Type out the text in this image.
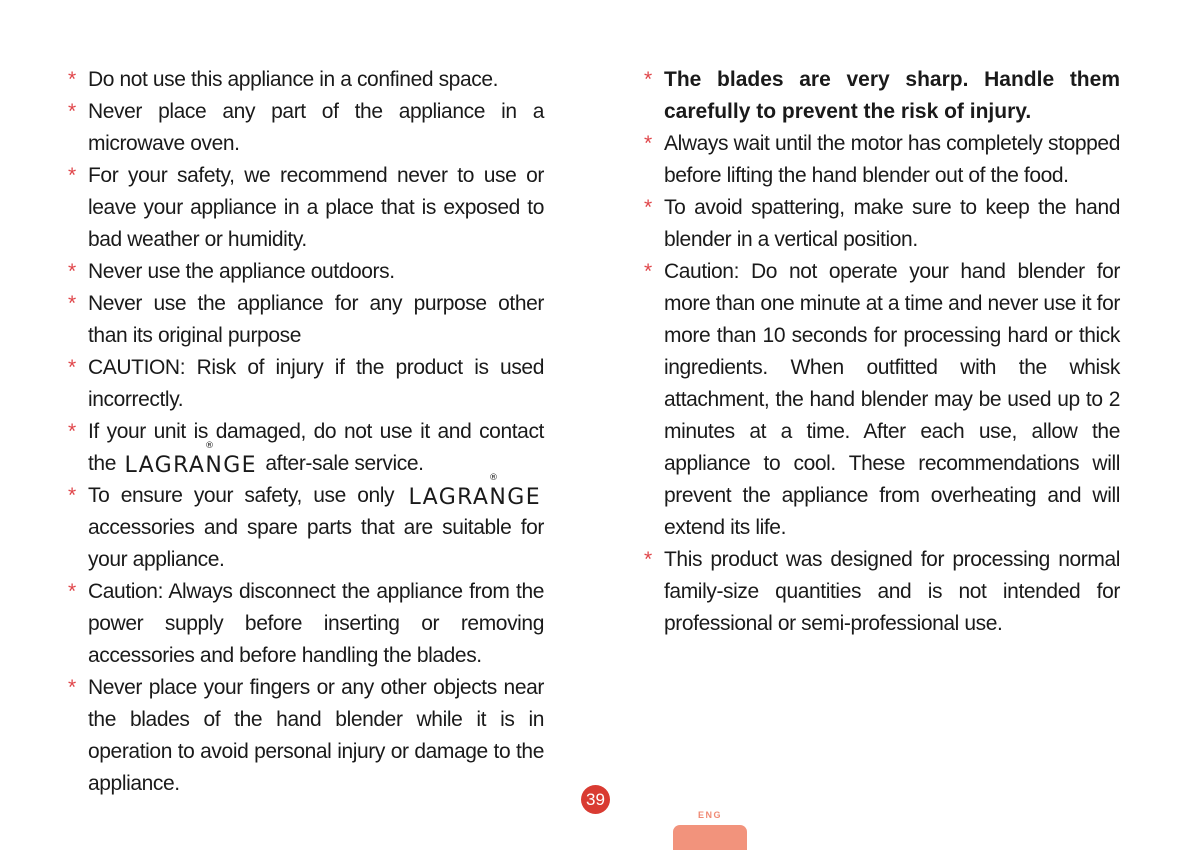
* Do not use this appliance in a confined space.
* Never place any part of the appliance in a microwave oven.
* For your safety, we recommend never to use or leave your appliance in a place that is exposed to bad weather or humidity.
* Never use the appliance outdoors.
* Never use the appliance for any purpose other than its original purpose
* CAUTION: Risk of injury if the product is used incorrectly.
* If your unit is damaged, do not use it and contact the LAGRANGE
®
after-sale service.
* To ensure your safety, use only LAGRANGE
®
accessories and spare parts that are suitable for your appliance.
* Caution: Always disconnect the appliance from the power supply before inserting or removing accessories and before handling the blades.
* Never place your fingers or any other objects near the blades of the hand blender while it is in operation to avoid personal injury or damage to the appliance.
* The blades are very sharp. Handle them carefully to prevent the risk of injury.
* Always wait until the motor has completely stopped before lifting the hand blender out of the food.
* To avoid spattering, make sure to keep the hand blender in a vertical position.
* Caution: Do not operate your hand blender for more than one minute at a time and never use it for more than 10 seconds for processing hard or thick ingredients. When outfitted with the whisk attachment, the hand blender may be used up to 2 minutes at a time. After each use, allow the appliance to cool. These recommendations will prevent the appliance from overheating and will extend its life.
* This product was designed for processing normal family-size quantities and is not intended for professional or semi-professional use.
39
ENG
